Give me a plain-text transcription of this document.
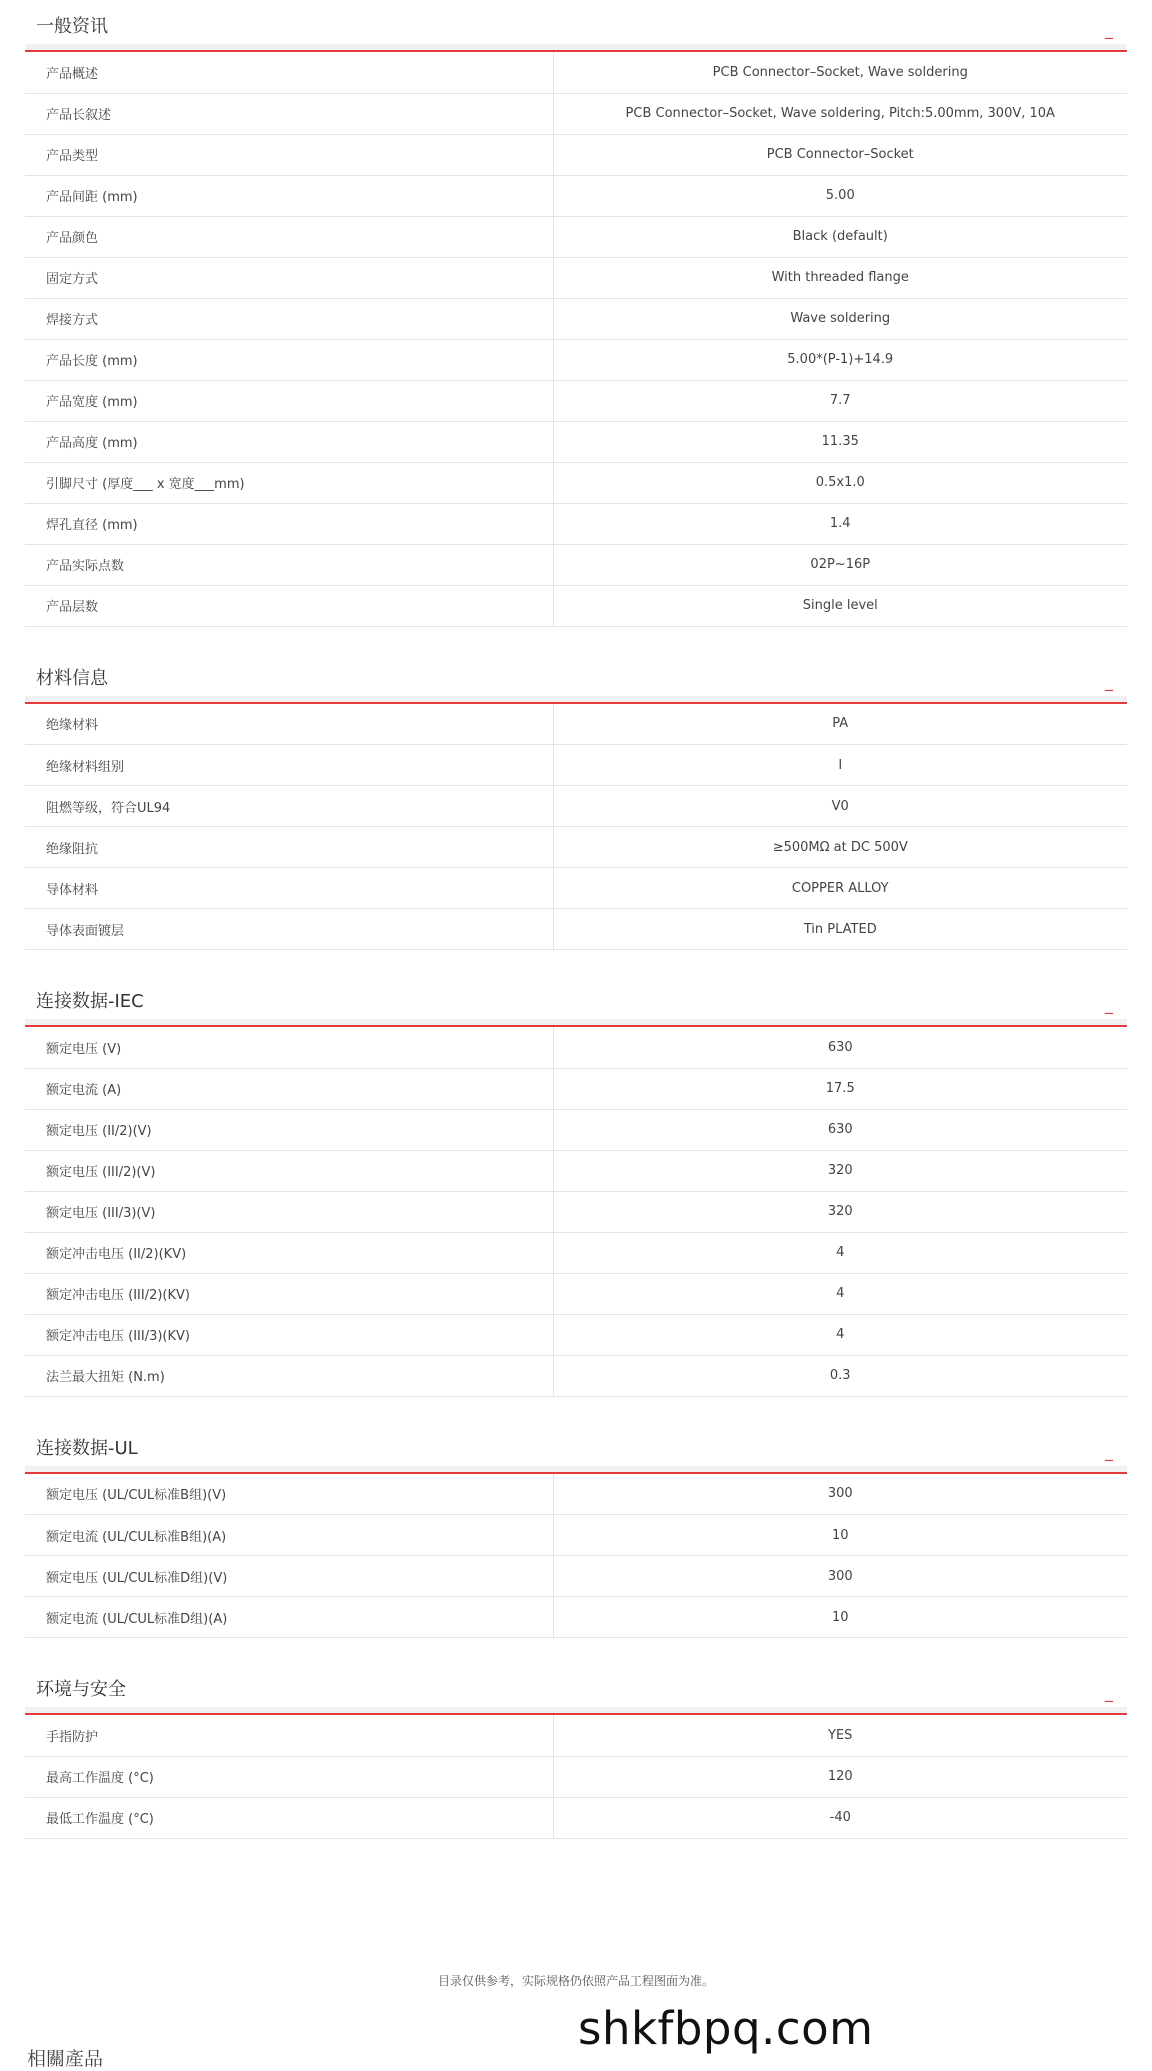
一般资讯	_
产品概述	PCB Connector–Socket, Wave soldering
产品长叙述	PCB Connector–Socket, Wave soldering, Pitch:5.00mm, 300V, 10A
产品类型	PCB Connector–Socket
产品间距 (mm)	5.00
产品颜色	Black (default)
固定方式	With threaded flange
焊接方式	Wave soldering
产品长度 (mm)	5.00*(P-1)+14.9
产品宽度 (mm)	7.7
产品高度 (mm)	11.35
引脚尺寸 (厚度___ x 宽度___mm)	0.5x1.0
焊孔直径 (mm)	1.4
产品实际点数	02P~16P
产品层数	Single level
材料信息	_
绝缘材料	PA
绝缘材料组别	I
阻燃等级，符合UL94	V0
绝缘阻抗	≥500MΩ at DC 500V
导体材料	COPPER ALLOY
导体表面镀层	Tin PLATED
连接数据-IEC	_
额定电压 (V)	630
额定电流 (A)	17.5
额定电压 (II/2)(V)	630
额定电压 (III/2)(V)	320
额定电压 (III/3)(V)	320
额定冲击电压 (II/2)(KV)	4
额定冲击电压 (III/2)(KV)	4
额定冲击电压 (III/3)(KV)	4
法兰最大扭矩 (N.m)	0.3
连接数据-UL	_
额定电压 (UL/CUL标准B组)(V)	300
额定电流 (UL/CUL标准B组)(A)	10
额定电压 (UL/CUL标准D组)(V)	300
额定电流 (UL/CUL标准D组)(A)	10
环境与安全	_
手指防护	YES
最高工作温度 (°C)	120
最低工作温度 (°C)	-40
目录仅供参考，实际规格仍依照产品工程图面为准。
shkfbpq.com
相關產品
